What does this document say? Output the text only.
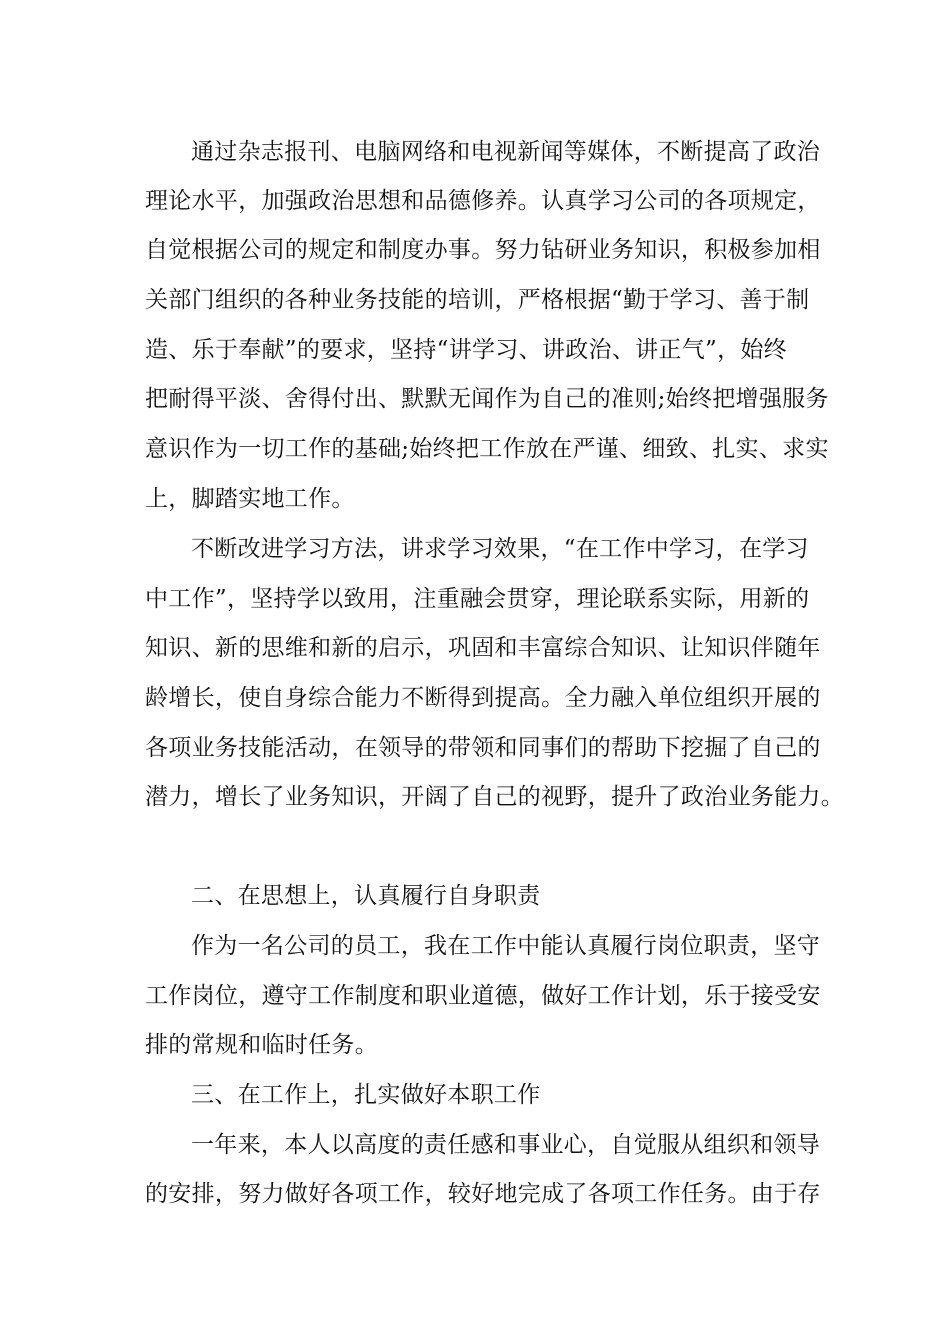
通过杂志报刊、电脑网络和电视新闻等媒体，不断提高了政治
理论水平，加强政治思想和品德修养。认真学习公司的各项规定，
自觉根据公司的规定和制度办事。努力钻研业务知识，积极参加相
关部门组织的各种业务技能的培训，严格根据“勤于学习、善于制
造、乐于奉献”的要求，坚持“讲学习、讲政治、讲正气”，始终
把耐得平淡、舍得付出、默默无闻作为自己的准则;始终把增强服务
意识作为一切工作的基础;始终把工作放在严谨、细致、扎实、求实
上，脚踏实地工作。
不断改进学习方法，讲求学习效果，“在工作中学习，在学习
中工作”，坚持学以致用，注重融会贯穿，理论联系实际，用新的
知识、新的思维和新的启示，巩固和丰富综合知识、让知识伴随年
龄增长，使自身综合能力不断得到提高。全力融入单位组织开展的
各项业务技能活动，在领导的带领和同事们的帮助下挖掘了自己的
潜力，增长了业务知识，开阔了自己的视野，提升了政治业务能力。
二、在思想上，认真履行自身职责
作为一名公司的员工，我在工作中能认真履行岗位职责，坚守
工作岗位，遵守工作制度和职业道德，做好工作计划，乐于接受安
排的常规和临时任务。
三、在工作上，扎实做好本职工作
一年来，本人以高度的责任感和事业心，自觉服从组织和领导
的安排，努力做好各项工作，较好地完成了各项工作任务。由于存
